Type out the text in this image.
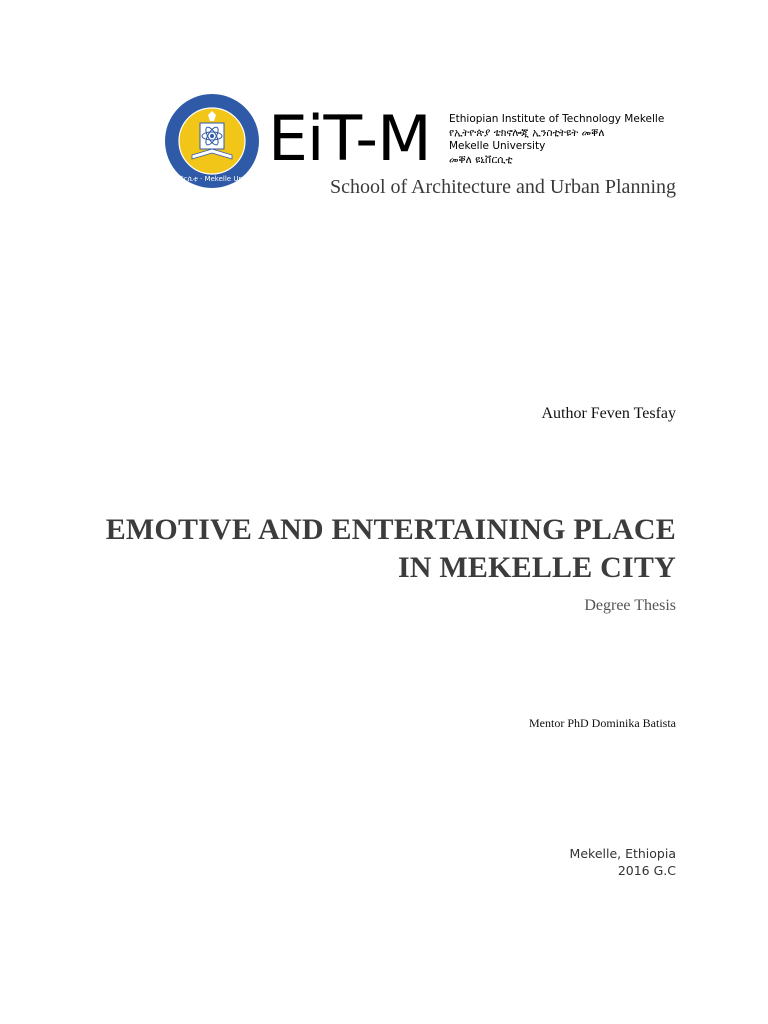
መቐለ ዩኒቨርሲቲ · Mekelle University
EiT-M Ethiopian Institute of Technology Mekelle
የኢትዮጵያ ቴክኖሎጂ ኢንስቲትዩት መቐለ
Mekelle University
መቐለ ዩኒቨርሲቲ
School of Architecture and Urban Planning
Author Feven Tesfay
EMOTIVE AND ENTERTAINING PLACE
IN MEKELLE CITY
Degree Thesis
Mentor PhD Dominika Batista
Mekelle, Ethiopia
2016 G.C
